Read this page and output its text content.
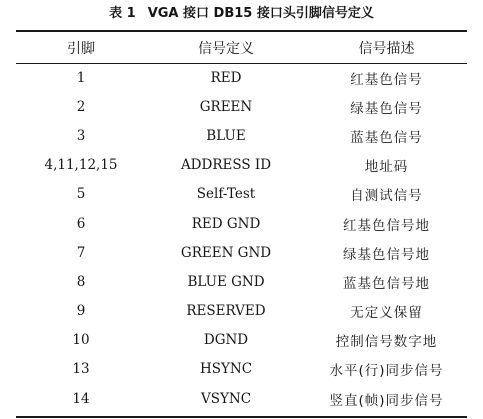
表 1 VGA 接口 DB15 接口头引脚信号定义
引脚	信号定义	信号描述
1	RED	红基色信号
2	GREEN	绿基色信号
3	BLUE	蓝基色信号
4,11,12,15	ADDRESS ID	地址码
5	Self-Test	自测试信号
6	RED GND	红基色信号地
7	GREEN GND	绿基色信号地
8	BLUE GND	蓝基色信号地
9	RESERVED	无定义保留
10	DGND	控制信号数字地
13	HSYNC	水平(行)同步信号
14	VSYNC	竖直(帧)同步信号
